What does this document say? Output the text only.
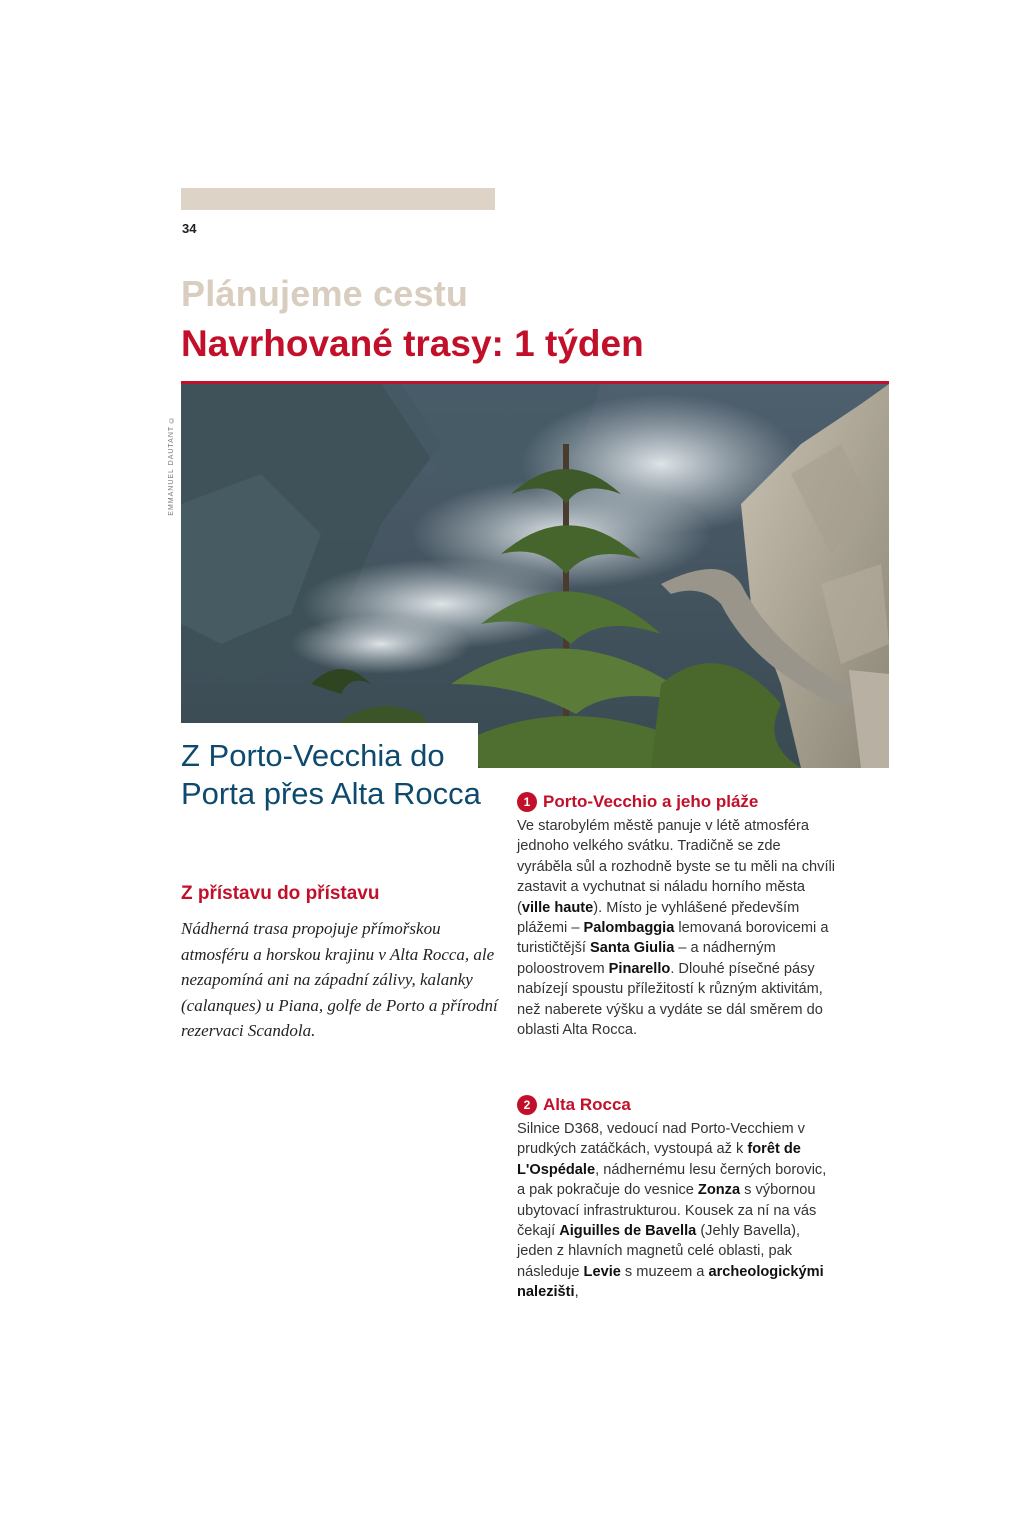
34
Plánujeme cestu
Navrhované trasy: 1 týden
EMMANUEL DAUTANT ©
Z Porto-Vecchia do Porta přes Alta Rocca
Z přístavu do přístavu

Nádherná trasa propojuje přímořskou atmosféru a horskou krajinu v Alta Rocca, ale nezapomíná ani na západní zálivy, kalanky (calanques) u Piana, golfe de Porto a přírodní rezervaci Scandola.

1 Porto-Vecchio a jeho pláže

Ve starobylém městě panuje v létě atmosféra jednoho velkého svátku. Tradičně se zde vyráběla sůl a rozhodně byste se tu měli na chvíli zastavit a vychutnat si náladu horního města (ville haute). Místo je vyhlášené především plážemi – Palombaggia lemovaná borovicemi a turističtější Santa Giulia – a nádherným poloostrovem Pinarello. Dlouhé písečné pásy nabízejí spoustu příležitostí k různým aktivitám, než naberete výšku a vydáte se dál směrem do oblasti Alta Rocca.

2 Alta Rocca

Silnice D368, vedoucí nad Porto-Vecchiem v prudkých zatáčkách, vystoupá až k forêt de L'Ospédale, nádhernému lesu černých borovic, a pak pokračuje do vesnice Zonza s výbornou ubytovací infrastrukturou. Kousek za ní na vás čekají Aiguilles de Bavella (Jehly Bavella), jeden z hlavních magnetů celé oblasti, pak následuje Levie s muzeem a archeologickými nalezišti,
